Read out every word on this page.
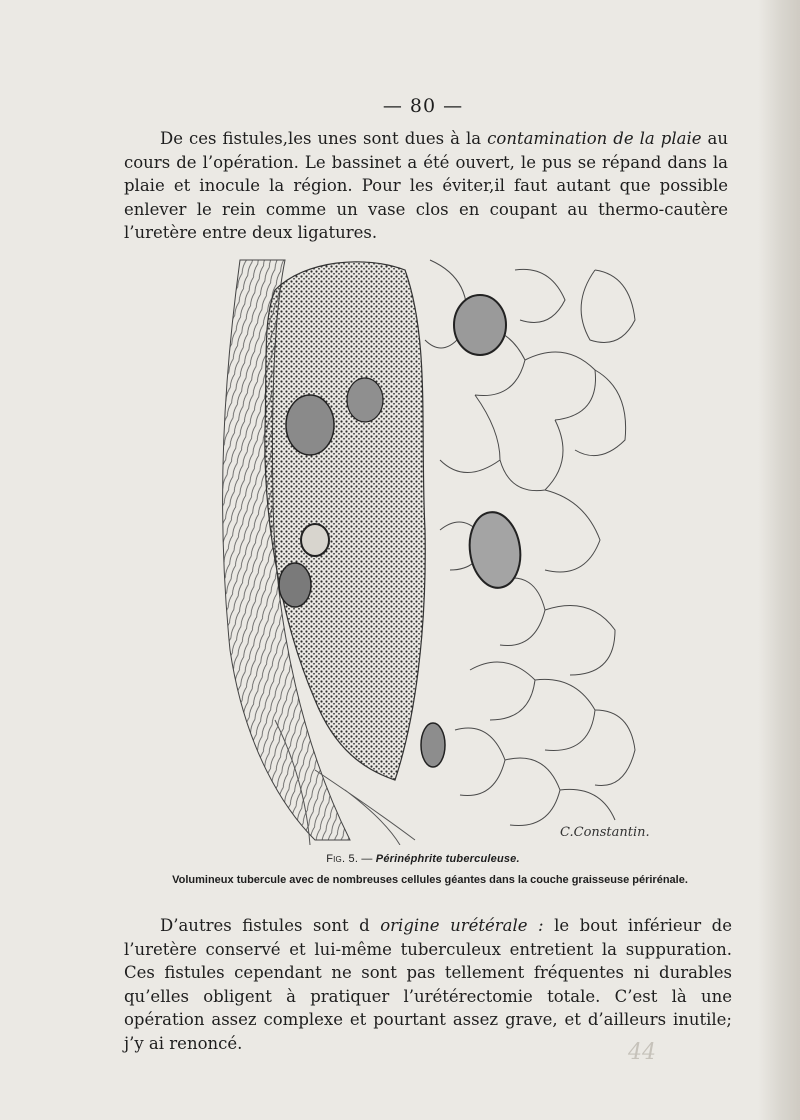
— 80 —

De ces fistules,les unes sont dues à la contamination de la plaie au cours de l’opération. Le bassinet a été ouvert, le pus se répand dans la plaie et inocule la région. Pour les éviter,il faut autant que possible enlever le rein comme un vase clos en coupant au thermo-cautère l’uretère entre deux ligatures.

C.Constantin.
Fig. 5. — Périnéphrite tuberculeuse.
Volumineux tubercule avec de nombreuses cellules géantes dans la couche graisseuse périrénale.

D’autres fistules sont d origine urétérale : le bout inférieur de l’uretère conservé et lui-même tuberculeux entretient la suppuration. Ces fistules cependant ne sont pas tellement fréquentes ni durables qu’elles obligent à pratiquer l’urétérectomie totale. C’est là une opération assez complexe et pourtant assez grave, et d’ailleurs inutile; j’y ai renoncé.	44
